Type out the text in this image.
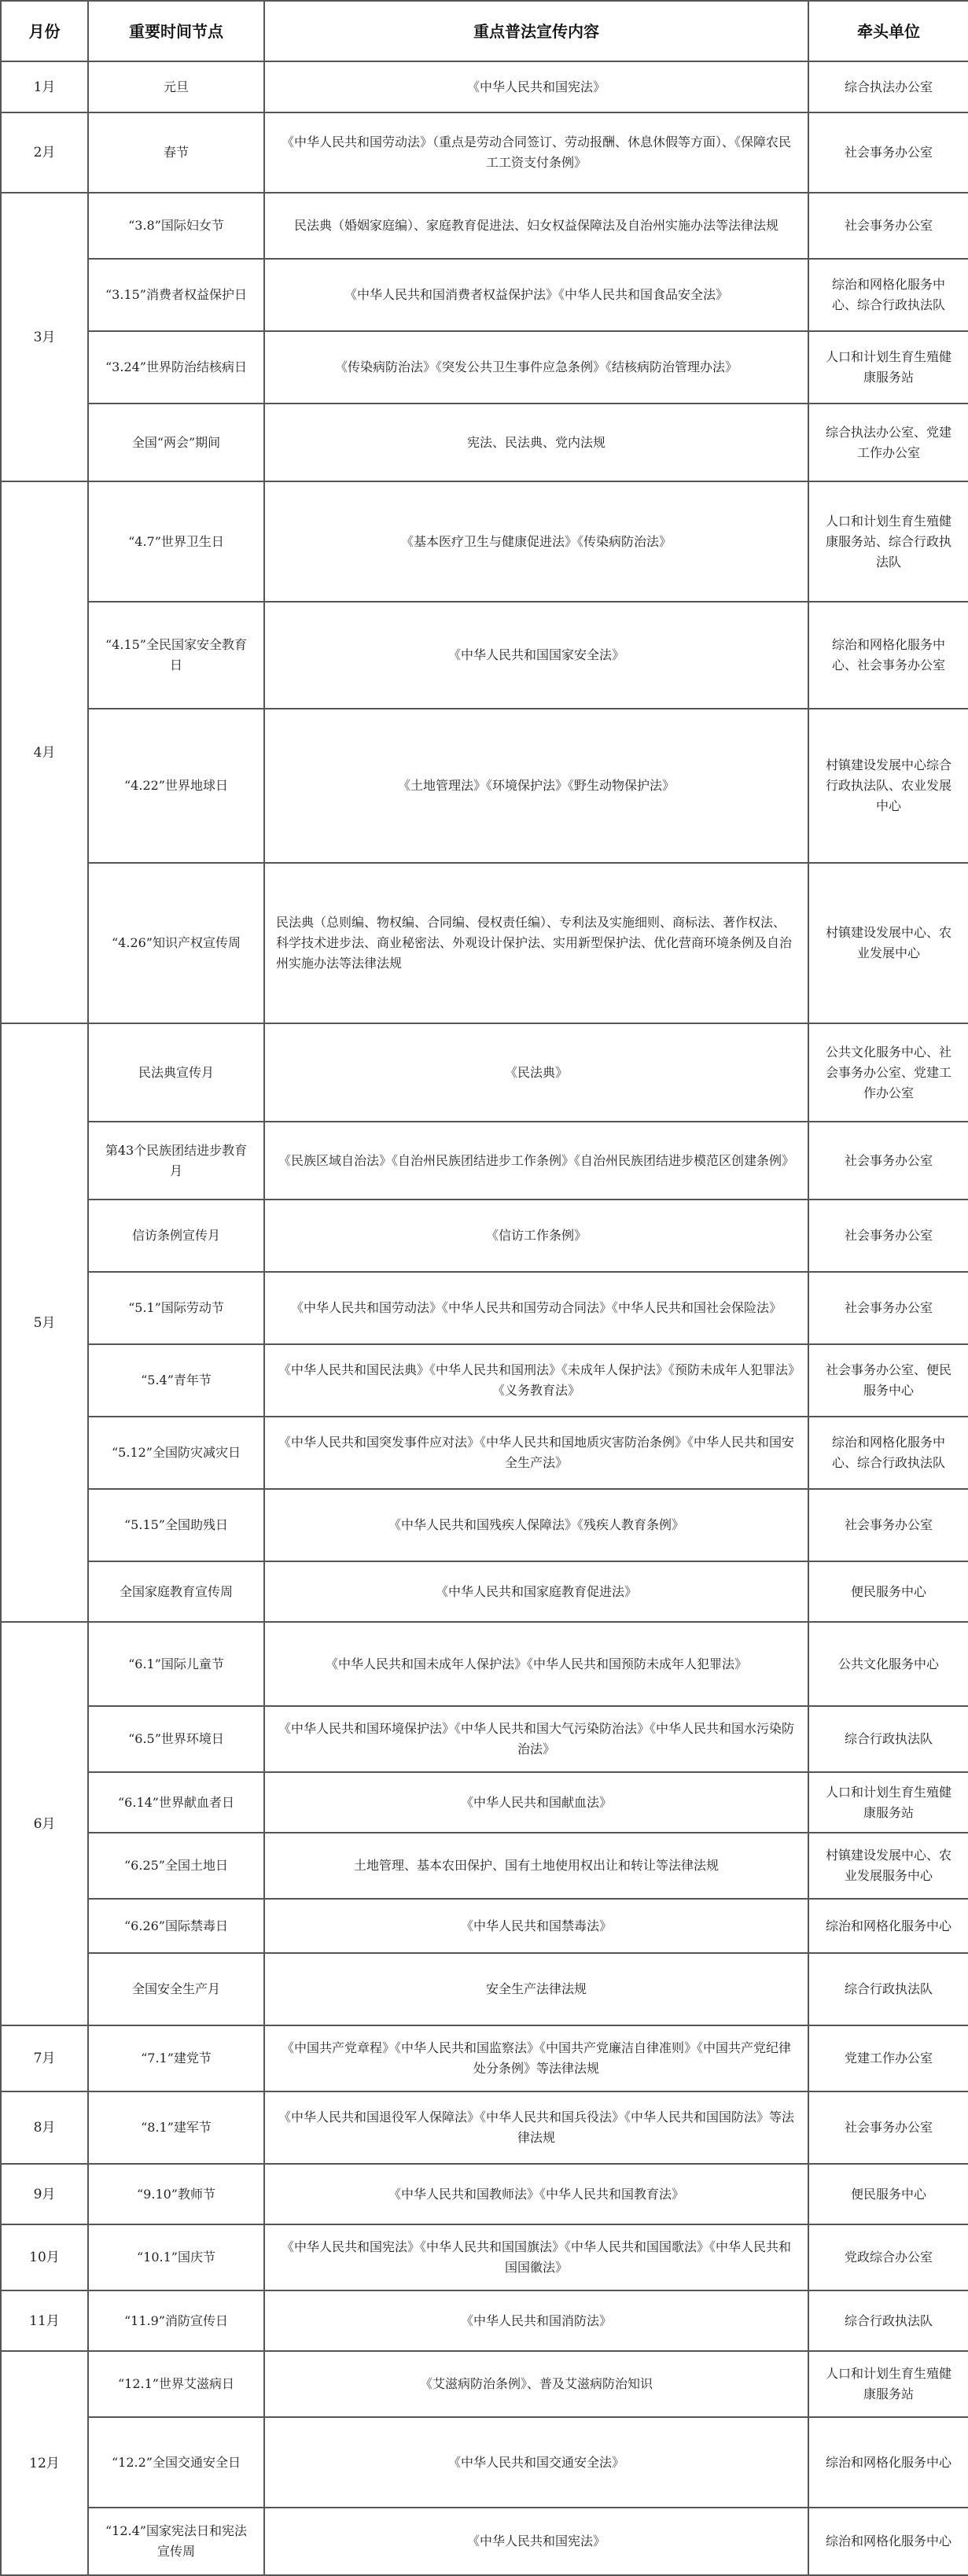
月份	重要时间节点	重点普法宣传内容	牵头单位
1月	元旦	《中华人民共和国宪法》	综合执法办公室
2月	春节	《中华人民共和国劳动法》（重点是劳动合同签订、劳动报酬、休息休假等方面）、《保障农民工工资支付条例》	社会事务办公室
3月	“3.8”国际妇女节	民法典（婚姻家庭编）、家庭教育促进法、妇女权益保障法及自治州实施办法等法律法规	社会事务办公室
	“3.15”消费者权益保护日	《中华人民共和国消费者权益保护法》《中华人民共和国食品安全法》	综治和网格化服务中心、综合行政执法队
	“3.24”世界防治结核病日	《传染病防治法》《突发公共卫生事件应急条例》《结核病防治管理办法》	人口和计划生育生殖健康服务站
	全国“两会”期间	宪法、民法典、党内法规	综合执法办公室、党建工作办公室
4月	“4.7”世界卫生日	《基本医疗卫生与健康促进法》《传染病防治法》	人口和计划生育生殖健康服务站、综合行政执法队
	“4.15”全民国家安全教育日	《中华人民共和国国家安全法》	综治和网格化服务中心、社会事务办公室
	“4.22”世界地球日	《土地管理法》《环境保护法》《野生动物保护法》	村镇建设发展中心综合行政执法队、农业发展中心
	“4.26”知识产权宣传周	民法典（总则编、物权编、合同编、侵权责任编）、专利法及实施细则、商标法、著作权法、科学技术进步法、商业秘密法、外观设计保护法、实用新型保护法、优化营商环境条例及自治州实施办法等法律法规	村镇建设发展中心、农业发展中心
5月	民法典宣传月	《民法典》	公共文化服务中心、社会事务办公室、党建工作办公室
	第43个民族团结进步教育月	《民族区域自治法》《自治州民族团结进步工作条例》《自治州民族团结进步模范区创建条例》	社会事务办公室
	信访条例宣传月	《信访工作条例》	社会事务办公室
	“5.1”国际劳动节	《中华人民共和国劳动法》《中华人民共和国劳动合同法》《中华人民共和国社会保险法》	社会事务办公室
	“5.4”青年节	《中华人民共和国民法典》《中华人民共和国刑法》《未成年人保护法》《预防未成年人犯罪法》《义务教育法》	社会事务办公室、便民服务中心
	“5.12”全国防灾减灾日	《中华人民共和国突发事件应对法》《中华人民共和国地质灾害防治条例》《中华人民共和国安全生产法》	综治和网格化服务中心、综合行政执法队
	“5.15”全国助残日	《中华人民共和国残疾人保障法》《残疾人教育条例》	社会事务办公室
	全国家庭教育宣传周	《中华人民共和国家庭教育促进法》	便民服务中心
6月	“6.1”国际儿童节	《中华人民共和国未成年人保护法》《中华人民共和国预防未成年人犯罪法》	公共文化服务中心
	“6.5”世界环境日	《中华人民共和国环境保护法》《中华人民共和国大气污染防治法》《中华人民共和国水污染防治法》	综合行政执法队
	“6.14”世界献血者日	《中华人民共和国献血法》	人口和计划生育生殖健康服务站
	“6.25”全国土地日	土地管理、基本农田保护、国有土地使用权出让和转让等法律法规	村镇建设发展中心、农业发展服务中心
	“6.26”国际禁毒日	《中华人民共和国禁毒法》	综治和网格化服务中心
	全国安全生产月	安全生产法律法规	综合行政执法队
7月	“7.1”建党节	《中国共产党章程》《中华人民共和国监察法》《中国共产党廉洁自律准则》《中国共产党纪律处分条例》等法律法规	党建工作办公室
8月	“8.1”建军节	《中华人民共和国退役军人保障法》《中华人民共和国兵役法》《中华人民共和国国防法》等法律法规	社会事务办公室
9月	“9.10”教师节	《中华人民共和国教师法》《中华人民共和国教育法》	便民服务中心
10月	“10.1”国庆节	《中华人民共和国宪法》《中华人民共和国国旗法》《中华人民共和国国歌法》《中华人民共和国国徽法》	党政综合办公室
11月	“11.9”消防宣传日	《中华人民共和国消防法》	综合行政执法队
12月	“12.1”世界艾滋病日	《艾滋病防治条例》、普及艾滋病防治知识	人口和计划生育生殖健康服务站
	“12.2”全国交通安全日	《中华人民共和国交通安全法》	综治和网格化服务中心
	“12.4”国家宪法日和宪法宣传周	《中华人民共和国宪法》	综治和网格化服务中心
